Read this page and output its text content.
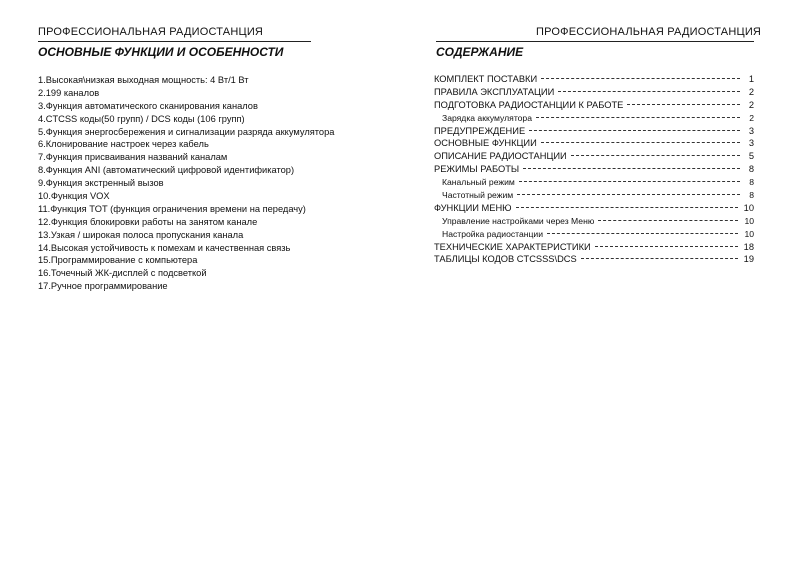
ПРОФЕССИОНАЛЬНАЯ РАДИОСТАНЦИЯ
ОСНОВНЫЕ ФУНКЦИИ И ОСОБЕННОСТИ
1.Высокая\низкая выходная мощность: 4 Вт/1 Вт
2.199 каналов
3.Функция автоматического сканирования каналов
4.CTCSS коды(50 групп) / DCS коды (106 групп)
5.Функция энергосбережения и сигнализации разряда аккумулятора
6.Клонирование настроек через кабель
7.Функция присваивания названий каналам
8.Функция ANI (автоматический цифровой идентификатор)
9.Функция экстренный вызов
10.Функция VOX
11.Функция TOT (функция ограничения времени на передачу)
12.Функция блокировки работы на занятом канале
13.Узкая / широкая полоса пропускания канала
14.Высокая устойчивость к помехам и качественная связь
15.Программирование с компьютера
16.Точечный ЖК-дисплей с подсветкой
17.Ручное программирование
ПРОФЕССИОНАЛЬНАЯ РАДИОСТАНЦИЯ
СОДЕРЖАНИЕ
КОМПЛЕКТ ПОСТАВКИ	1
ПРАВИЛА ЭКСПЛУАТАЦИИ	2
ПОДГОТОВКА РАДИОСТАНЦИИ К РАБОТЕ	2
Зарядка аккумулятора	2
ПРЕДУПРЕЖДЕНИЕ	3
ОСНОВНЫЕ ФУНКЦИИ	3
ОПИСАНИЕ РАДИОСТАНЦИИ	5
РЕЖИМЫ РАБОТЫ	8
Канальный режим	8
Частотный режим	8
ФУНКЦИИ МЕНЮ	10
Управление настройками через Меню	10
Настройка радиостанции	10
ТЕХНИЧЕСКИЕ ХАРАКТЕРИСТИКИ	18
ТАБЛИЦЫ КОДОВ CTCSSS\DCS	19
